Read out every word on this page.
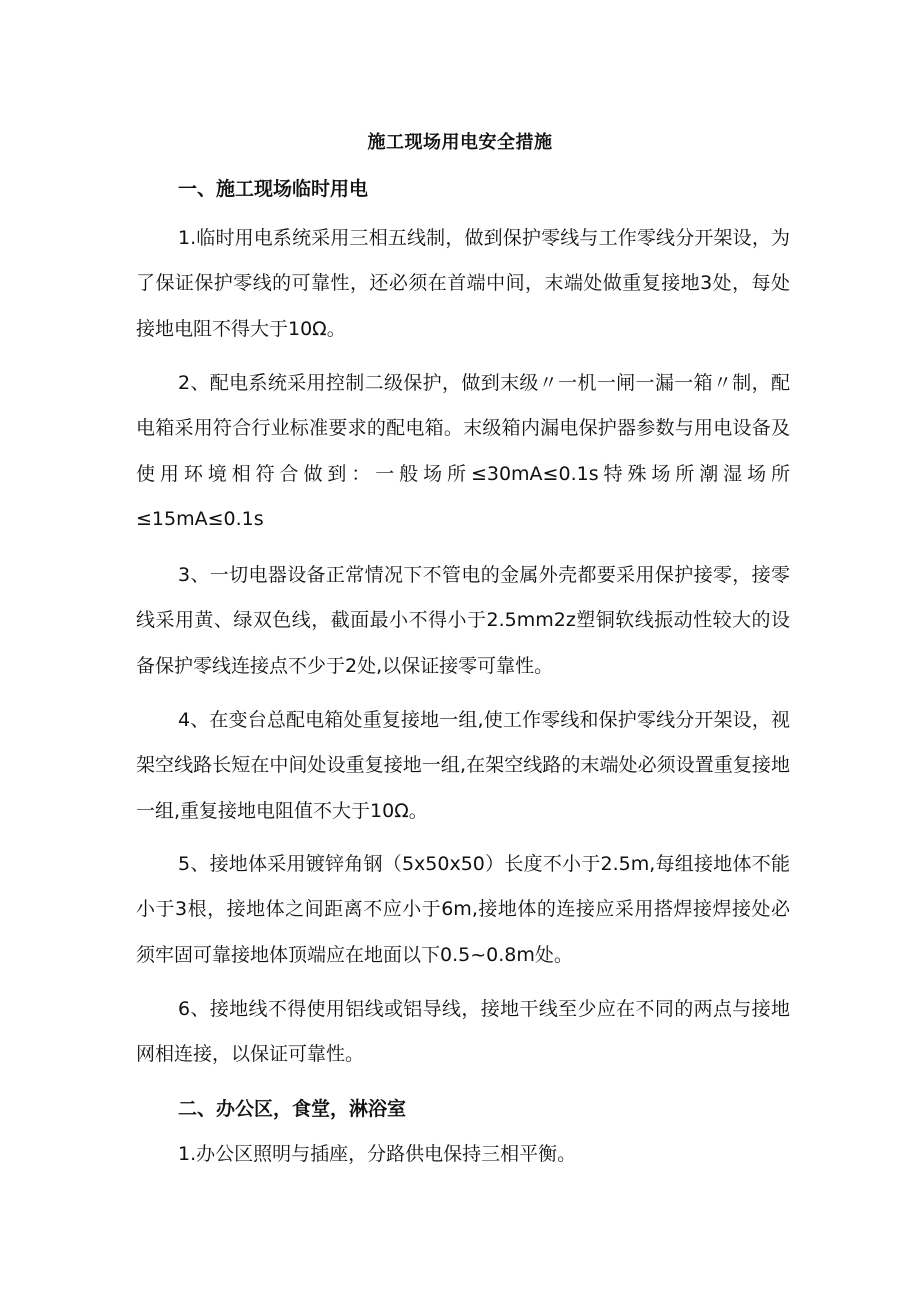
施工现场用电安全措施
一、施工现场临时用电

1.临时用电系统采用三相五线制，做到保护零线与工作零线分开架设，为了保证保护零线的可靠性，还必须在首端中间，末端处做重复接地3处，每处接地电阻不得大于10Ω。

2、配电系统采用控制二级保护，做到末级〃一机一闸一漏一箱〃制，配电箱采用符合行业标准要求的配电箱。末级箱内漏电保护器参数与用电设备及使用环境相符合做到：一般场所≤30mA≤0.1s特殊场所潮湿场所≤15mA≤0.1s

3、一切电器设备正常情况下不管电的金属外壳都要采用保护接零，接零线采用黄、绿双色线，截面最小不得小于2.5mm2z塑铜软线振动性较大的设备保护零线连接点不少于2处,以保证接零可靠性。

4、在变台总配电箱处重复接地一组,使工作零线和保护零线分开架设，视架空线路长短在中间处设重复接地一组,在架空线路的末端处必须设置重复接地一组,重复接地电阻值不大于10Ω。

5、接地体采用镀锌角钢（5x50x50）长度不小于2.5m,每组接地体不能小于3根，接地体之间距离不应小于6m,接地体的连接应采用搭焊接焊接处必须牢固可靠接地体顶端应在地面以下0.5~0.8m处。

6、接地线不得使用铝线或铝导线，接地干线至少应在不同的两点与接地网相连接，以保证可靠性。

二、办公区，食堂，淋浴室

1.办公区照明与插座，分路供电保持三相平衡。
